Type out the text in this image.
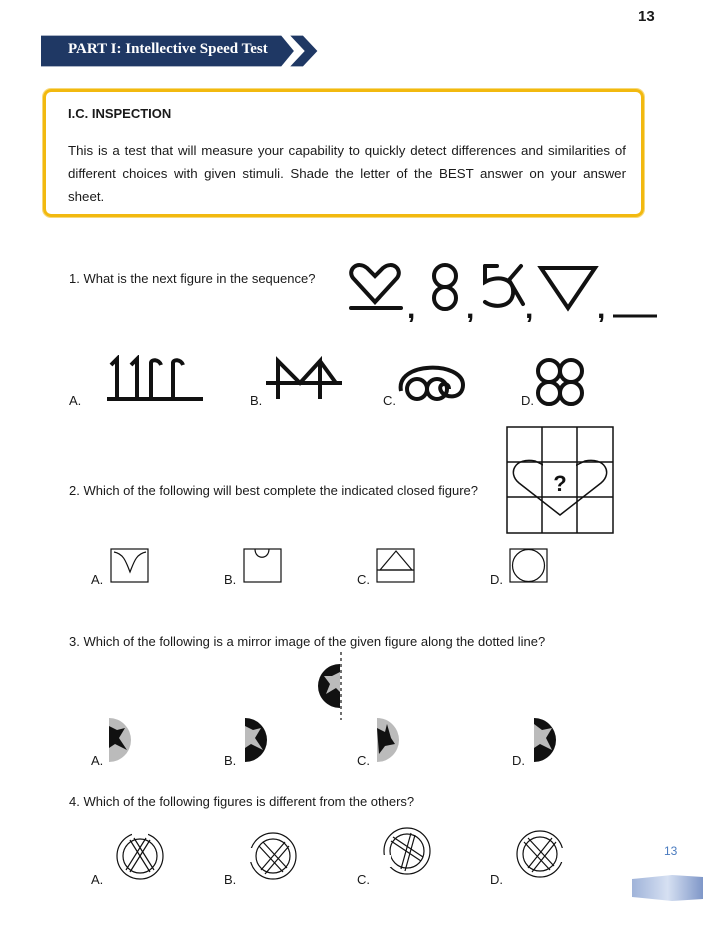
13
PART I: Intellective Speed Test
I.C. INSPECTION
This is a test that will measure your capability to quickly detect differences and similarities of different choices with given stimuli. Shade the letter of the BEST answer on your answer sheet.
1. What is the next figure in the sequence?
, , , ,
A.	B.	C.	D.
2. Which of the following will best complete the indicated closed figure?	?
A.	B.	C.	D.
3. Which of the following is a mirror image of the given figure along the dotted line?
A.	B.	C.	D.
4. Which of the following figures is different from the others?
A.	B.	C.	D.
13
